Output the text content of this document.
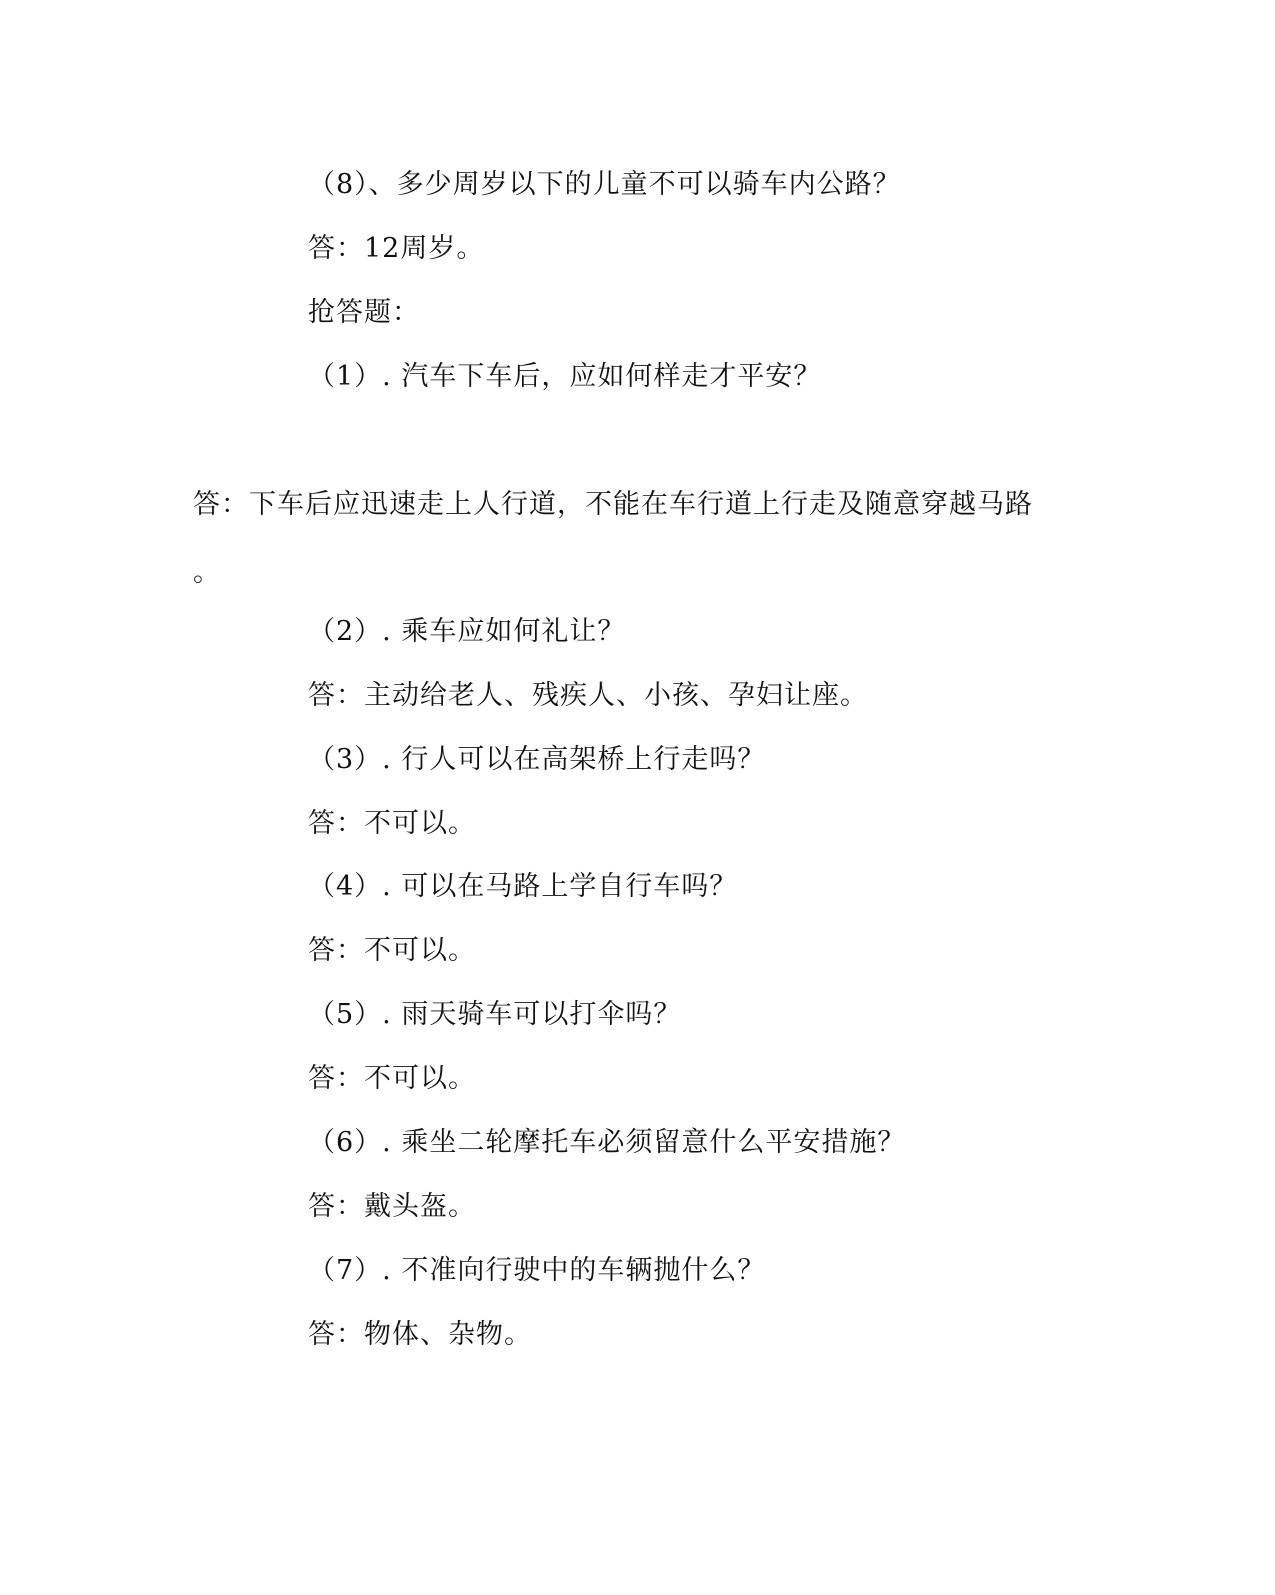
（8）、多少周岁以下的儿童不可以骑车内公路？
答：12周岁。
抢答题：
（1）. 汽车下车后，应如何样走才平安？
答：下车后应迅速走上人行道，不能在车行道上行走及随意穿越马路
。
（2）. 乘车应如何礼让？
答：主动给老人、残疾人、小孩、孕妇让座。
（3）. 行人可以在高架桥上行走吗？
答：不可以。
（4）. 可以在马路上学自行车吗？
答：不可以。
（5）. 雨天骑车可以打伞吗？
答：不可以。
（6）. 乘坐二轮摩托车必须留意什么平安措施？
答：戴头盔。
（7）. 不准向行驶中的车辆抛什么？
答：物体、杂物。
